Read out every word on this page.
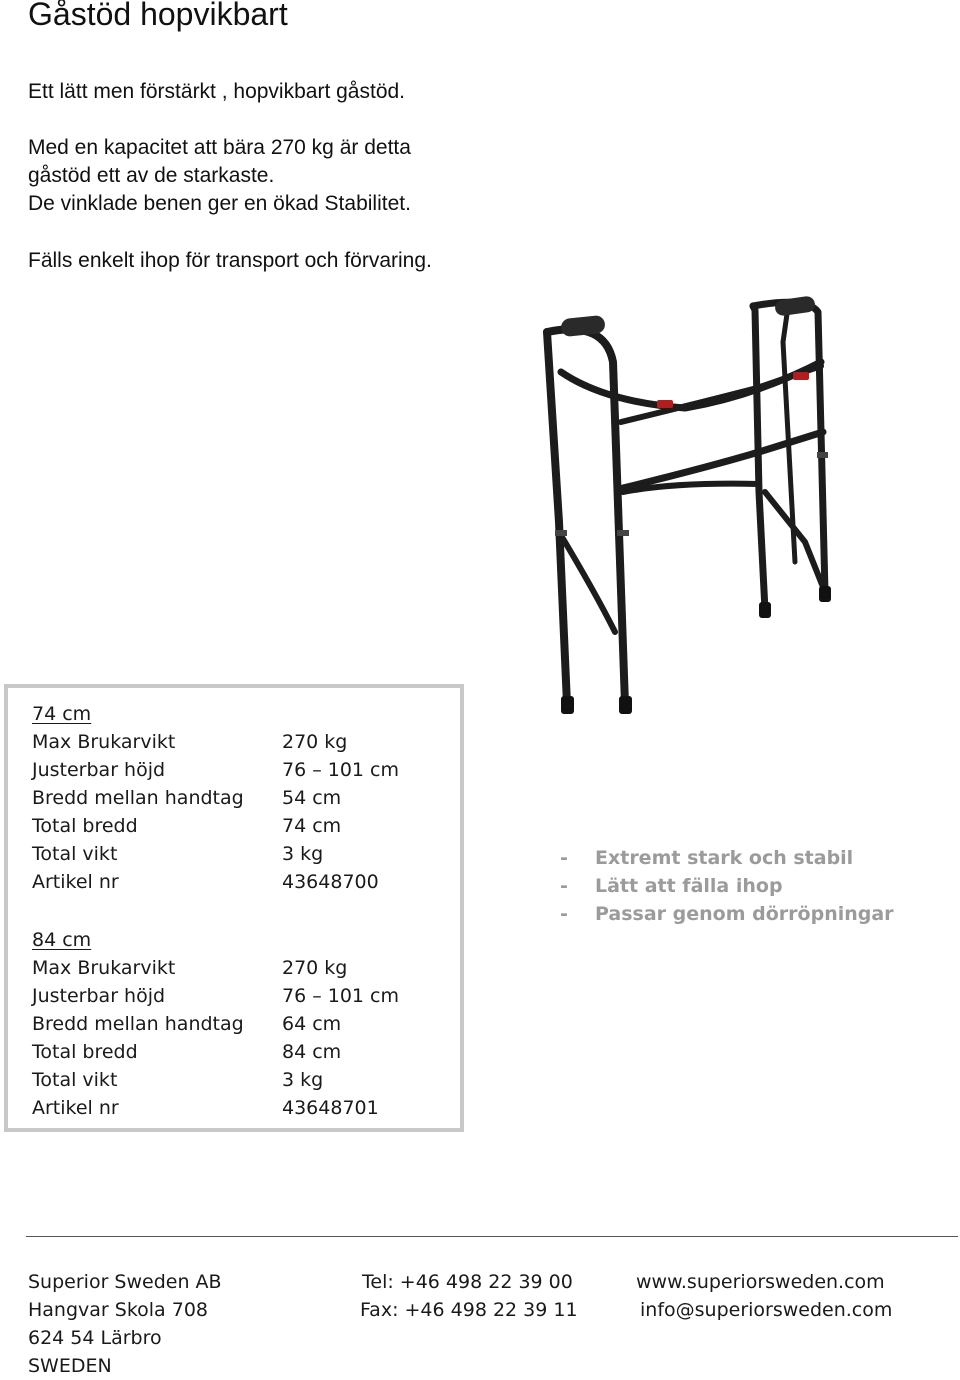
Gåstöd hopvikbart

Ett lätt men förstärkt , hopvikbart gåstöd.

Med en kapacitet att bära 270 kg är detta

gåstöd ett av de starkaste.

De vinklade benen ger en ökad Stabilitet.

Fälls enkelt ihop för transport och förvaring.

74 cm
Max Brukarvikt	270 kg
Justerbar höjd	76 – 101 cm
Bredd mellan handtag	54 cm
Total bredd	74 cm
Total vikt	3 kg
Artikel nr	43648700
84 cm
Max Brukarvikt	270 kg
Justerbar höjd	76 – 101 cm
Bredd mellan handtag	64 cm
Total bredd	84 cm
Total vikt	3 kg
Artikel nr	43648701
-	Extremt stark och stabil
-	Lätt att fälla ihop
-	Passar genom dörröpningar
Superior Sweden AB
Hangvar Skola 708
624 54 Lärbro
SWEDEN
Tel: +46 498 22 39 00
Fax: +46 498 22 39 11
www.superiorsweden.com
info@superiorsweden.com
